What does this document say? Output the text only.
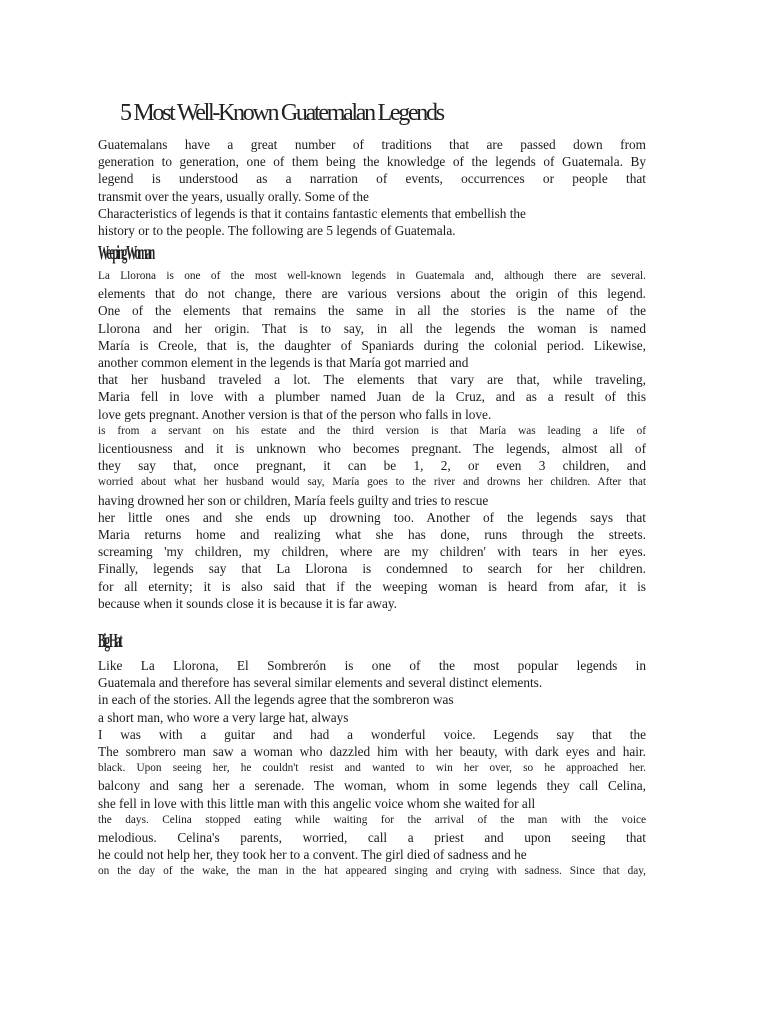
5 Most Well-Known Guatemalan Legends
Guatemalans have a great number of traditions that are passed down from
generation to generation, one of them being the knowledge of the legends of Guatemala. By
legend is understood as a narration of events, occurrences or people that
transmit over the years, usually orally. Some of the
Characteristics of legends is that it contains fantastic elements that embellish the
history or to the people. The following are 5 legends of Guatemala.
Weeping Woman
La Llorona is one of the most well-known legends in Guatemala and, although there are several.
elements that do not change, there are various versions about the origin of this legend.
One of the elements that remains the same in all the stories is the name of the
Llorona and her origin. That is to say, in all the legends the woman is named
María is Creole, that is, the daughter of Spaniards during the colonial period. Likewise,
another common element in the legends is that María got married and
that her husband traveled a lot. The elements that vary are that, while traveling,
Maria fell in love with a plumber named Juan de la Cruz, and as a result of this
love gets pregnant. Another version is that of the person who falls in love.
is from a servant on his estate and the third version is that María was leading a life of
licentiousness and it is unknown who becomes pregnant. The legends, almost all of
they say that, once pregnant, it can be 1, 2, or even 3 children, and
worried about what her husband would say, María goes to the river and drowns her children. After that
having drowned her son or children, María feels guilty and tries to rescue
her little ones and she ends up drowning too. Another of the legends says that
Maria returns home and realizing what she has done, runs through the streets.
screaming 'my children, my children, where are my children' with tears in her eyes.
Finally, legends say that La Llorona is condemned to search for her children.
for all eternity; it is also said that if the weeping woman is heard from afar, it is
because when it sounds close it is because it is far away.
Big Hat
Like La Llorona, El Sombrerón is one of the most popular legends in
Guatemala and therefore has several similar elements and several distinct elements.
in each of the stories. All the legends agree that the sombreron was
a short man, who wore a very large hat, always
I was with a guitar and had a wonderful voice. Legends say that the
The sombrero man saw a woman who dazzled him with her beauty, with dark eyes and hair.
black. Upon seeing her, he couldn't resist and wanted to win her over, so he approached her.
balcony and sang her a serenade. The woman, whom in some legends they call Celina,
she fell in love with this little man with this angelic voice whom she waited for all
the days. Celina stopped eating while waiting for the arrival of the man with the voice
melodious. Celina's parents, worried, call a priest and upon seeing that
he could not help her, they took her to a convent. The girl died of sadness and he
on the day of the wake, the man in the hat appeared singing and crying with sadness. Since that day,
